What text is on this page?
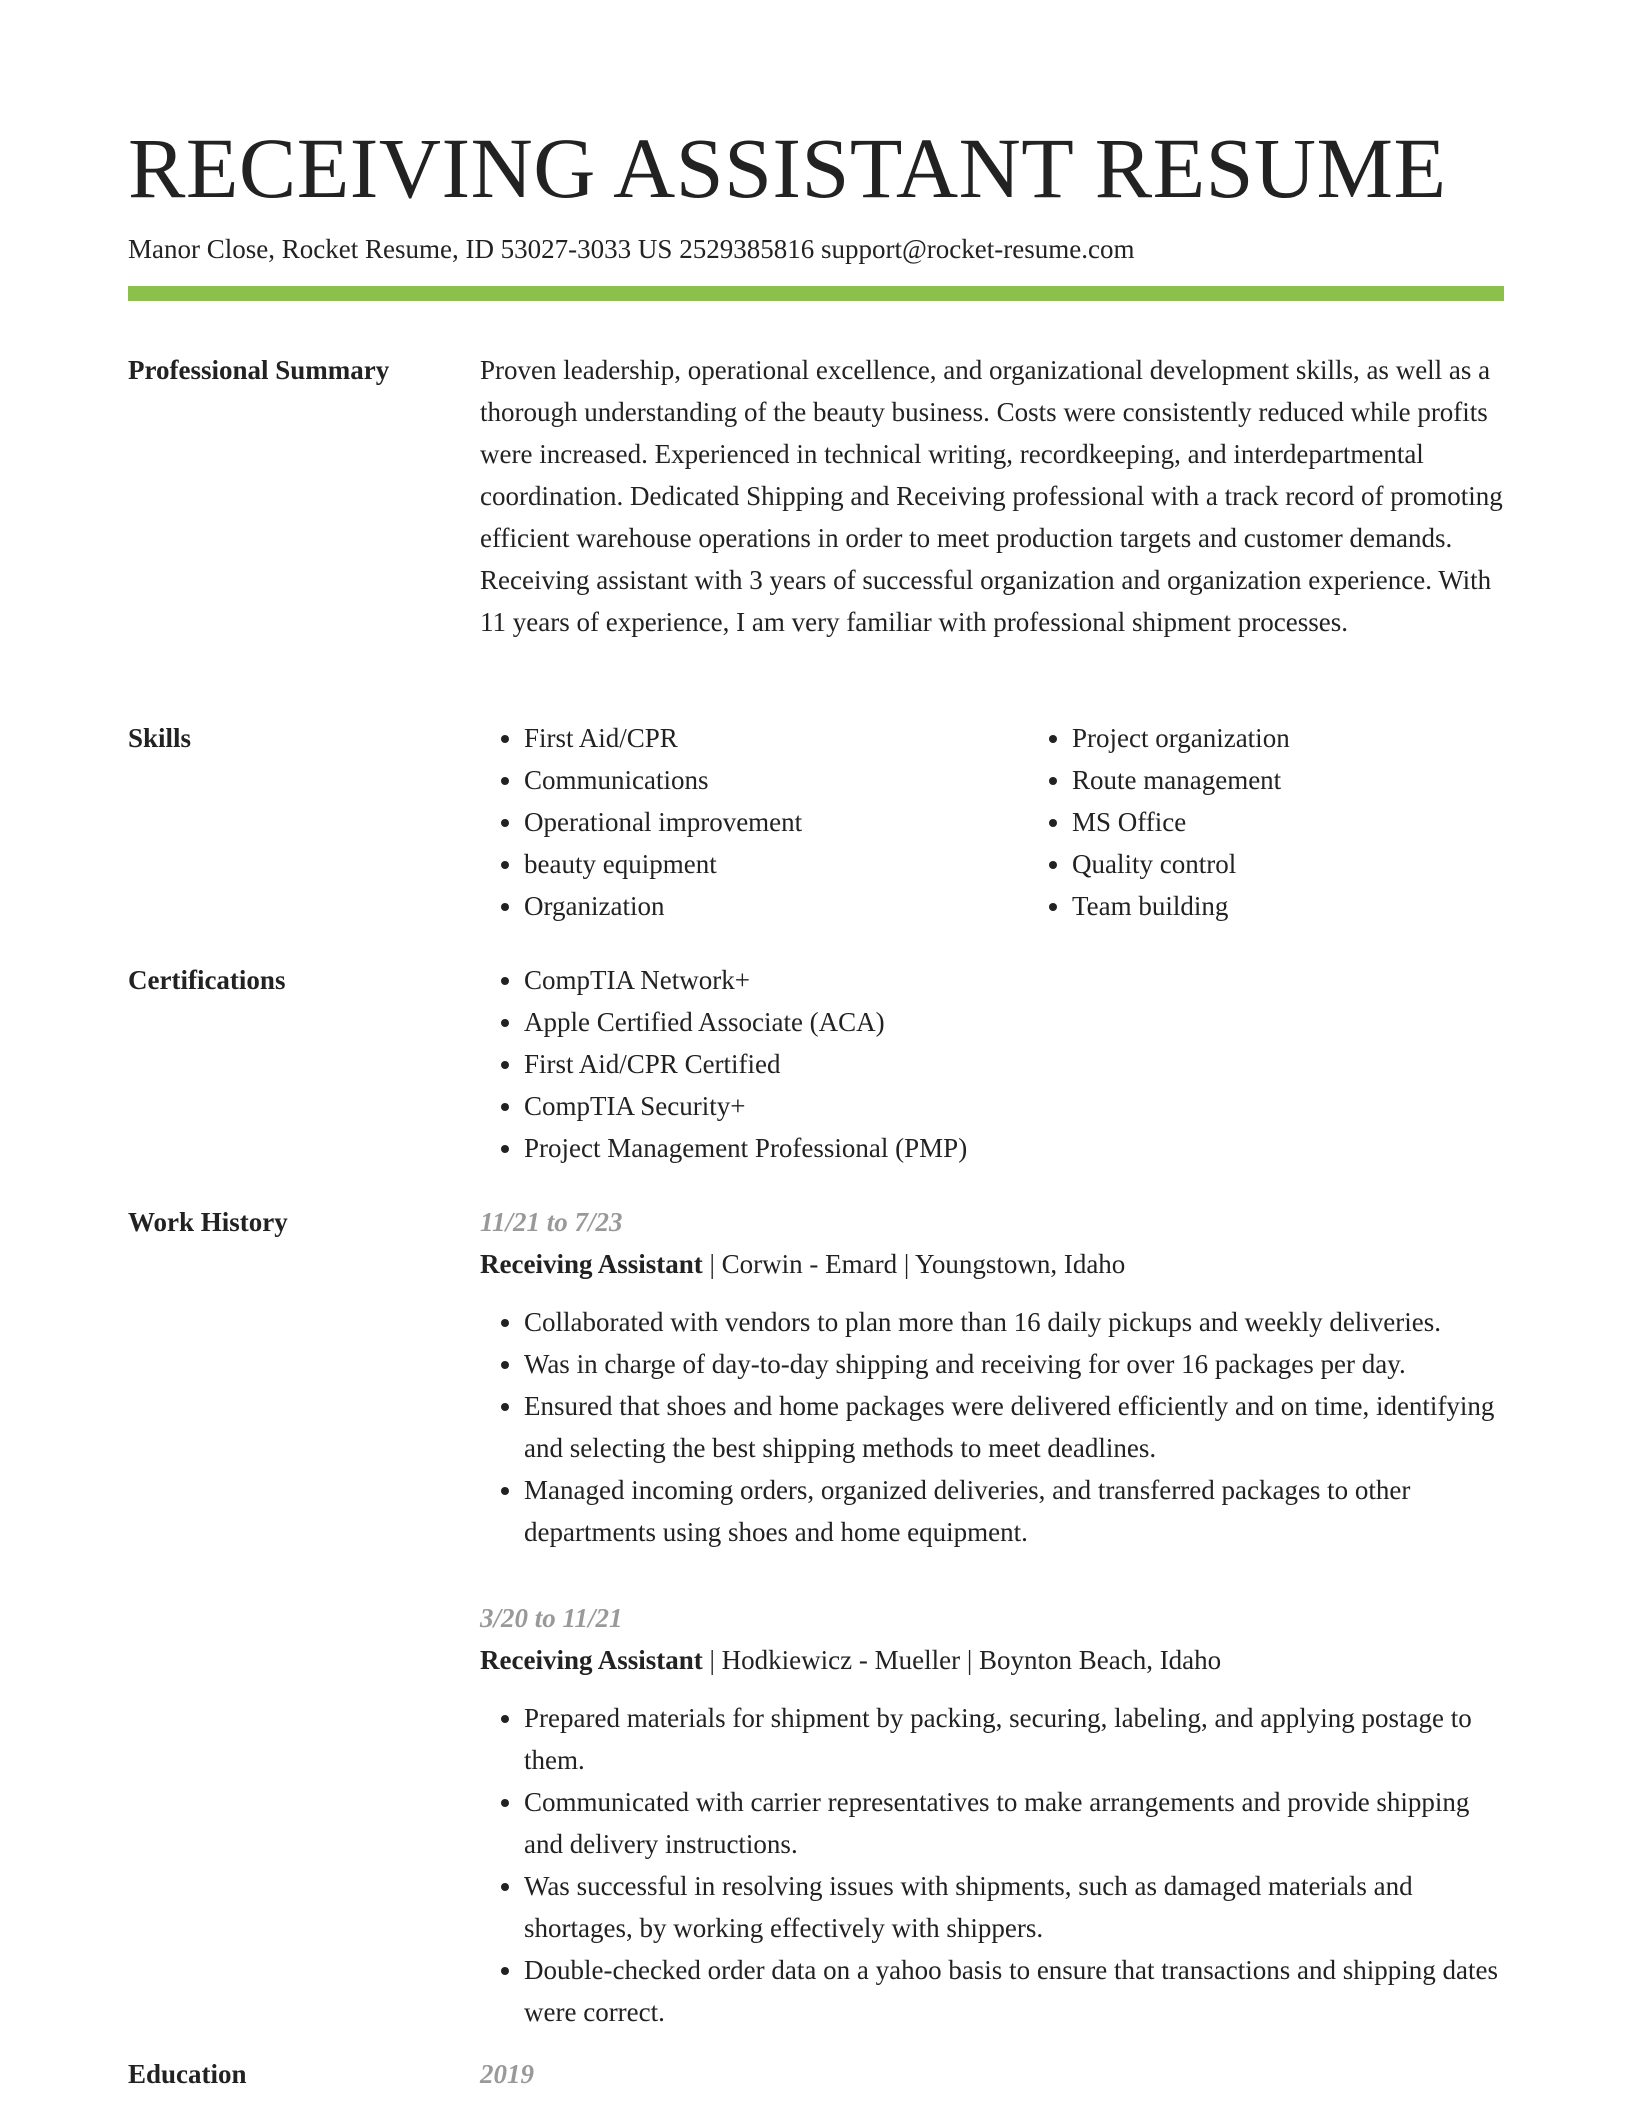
RECEIVING ASSISTANT RESUME
Manor Close, Rocket Resume, ID 53027-3033 US 2529385816 support@rocket-resume.com
Professional Summary	Proven leadership, operational excellence, and organizational development skills, as well as a thorough understanding of the beauty business. Costs were consistently reduced while profits were increased. Experienced in technical writing, recordkeeping, and interdepartmental coordination. Dedicated Shipping and Receiving professional with a track record of promoting efficient warehouse operations in order to meet production targets and customer demands. Receiving assistant with 3 years of successful organization and organization experience. With 11 years of experience, I am very familiar with professional shipment processes.

Skills	• First Aid/CPR
• Communications
• Operational improvement
• beauty equipment
• Organization
• Project organization
• Route management
• MS Office
• Quality control
• Team building
Certifications	• CompTIA Network+
• Apple Certified Associate (ACA)
• First Aid/CPR Certified
• CompTIA Security+
• Project Management Professional (PMP)
Work History	11/21 to 7/23
Receiving Assistant | Corwin - Emard | Youngstown, Idaho
• Collaborated with vendors to plan more than 16 daily pickups and weekly deliveries.
• Was in charge of day-to-day shipping and receiving for over 16 packages per day.
• Ensured that shoes and home packages were delivered efficiently and on time, identifying and selecting the best shipping methods to meet deadlines.
• Managed incoming orders, organized deliveries, and transferred packages to other departments using shoes and home equipment.
3/20 to 11/21
Receiving Assistant | Hodkiewicz - Mueller | Boynton Beach, Idaho
• Prepared materials for shipment by packing, securing, labeling, and applying postage to them.
• Communicated with carrier representatives to make arrangements and provide shipping and delivery instructions.
• Was successful in resolving issues with shipments, such as damaged materials and shortages, by working effectively with shippers.
• Double-checked order data on a yahoo basis to ensure that transactions and shipping dates were correct.
Education	2019
